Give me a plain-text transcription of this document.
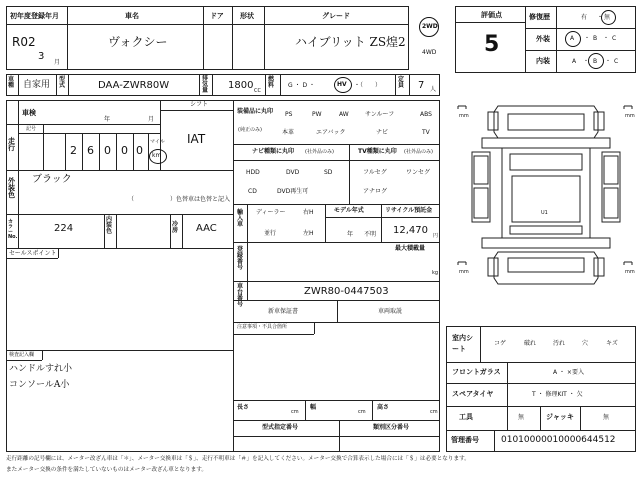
初年度登録年月	車名	ドア 形状	グレード
R02
3
月
ヴォクシー	ハイブリット ZS煌2
2WD
4WD
車種 自家用
型式	DAA-ZWR80W
排気量 1800 CC
燃料	G ・ D ・	HV ・（　　）
定員 7 人
車検
年	月
シフト
IAT
走行
記号
2 6 0 0 0
マイル
km
外装色
ブラック
（　　　　　　）色替車は色替と記入
カラーNo.
224
内装色
冷房 AAC
セールスポイント
検査記入欄
ハンドルすれ小
コンソールA小
装備品に丸印
(純正のみ)
PS	PW	AW	サンルーフ	ABS
本革	エアバック	ナビ	TV
ナビ種類に丸印 (社外品のみ)	TV種類に丸印 (社外品のみ)
HDD	DVD	SD
CD	DVD再生可
フルセグ	ワンセグ
アナログ
輸入車
ディーラー
並行
右H
左H
モデル年式
年 不明
リサイクル預託金
12,470 円
最大積載量
kg
登録番号
車台番号
ZWR80-0447503
新車保証書	車両取説
注意事項・不具合箇所
長さ
cm
幅
cm
高さ
cm
型式指定番号	類別区分番号
評価点
5
修復歴	有 ・ 無
外装	A ・ B ・ C
内装	A ・ B ・ C
mm	mm
mm	mm
U1
室内シート
コゲ	破れ	汚れ	穴	キズ
フロントガラス	A ・ ×要入
スペアタイヤ	T ・ 修理KIT ・ 欠
工具	無	ジャッキ	無
管理番号 01010000010000644512
走行距離の記号欄には、メーター改ざん車は「＊」、メーター交換車は「＄」、走行不明車は「＃」を記入してください。メーター交換で合算表示した場合には「＄」は必要となります。
またメーター交換の条件を満たしていないものはメーター改ざん車となります。
